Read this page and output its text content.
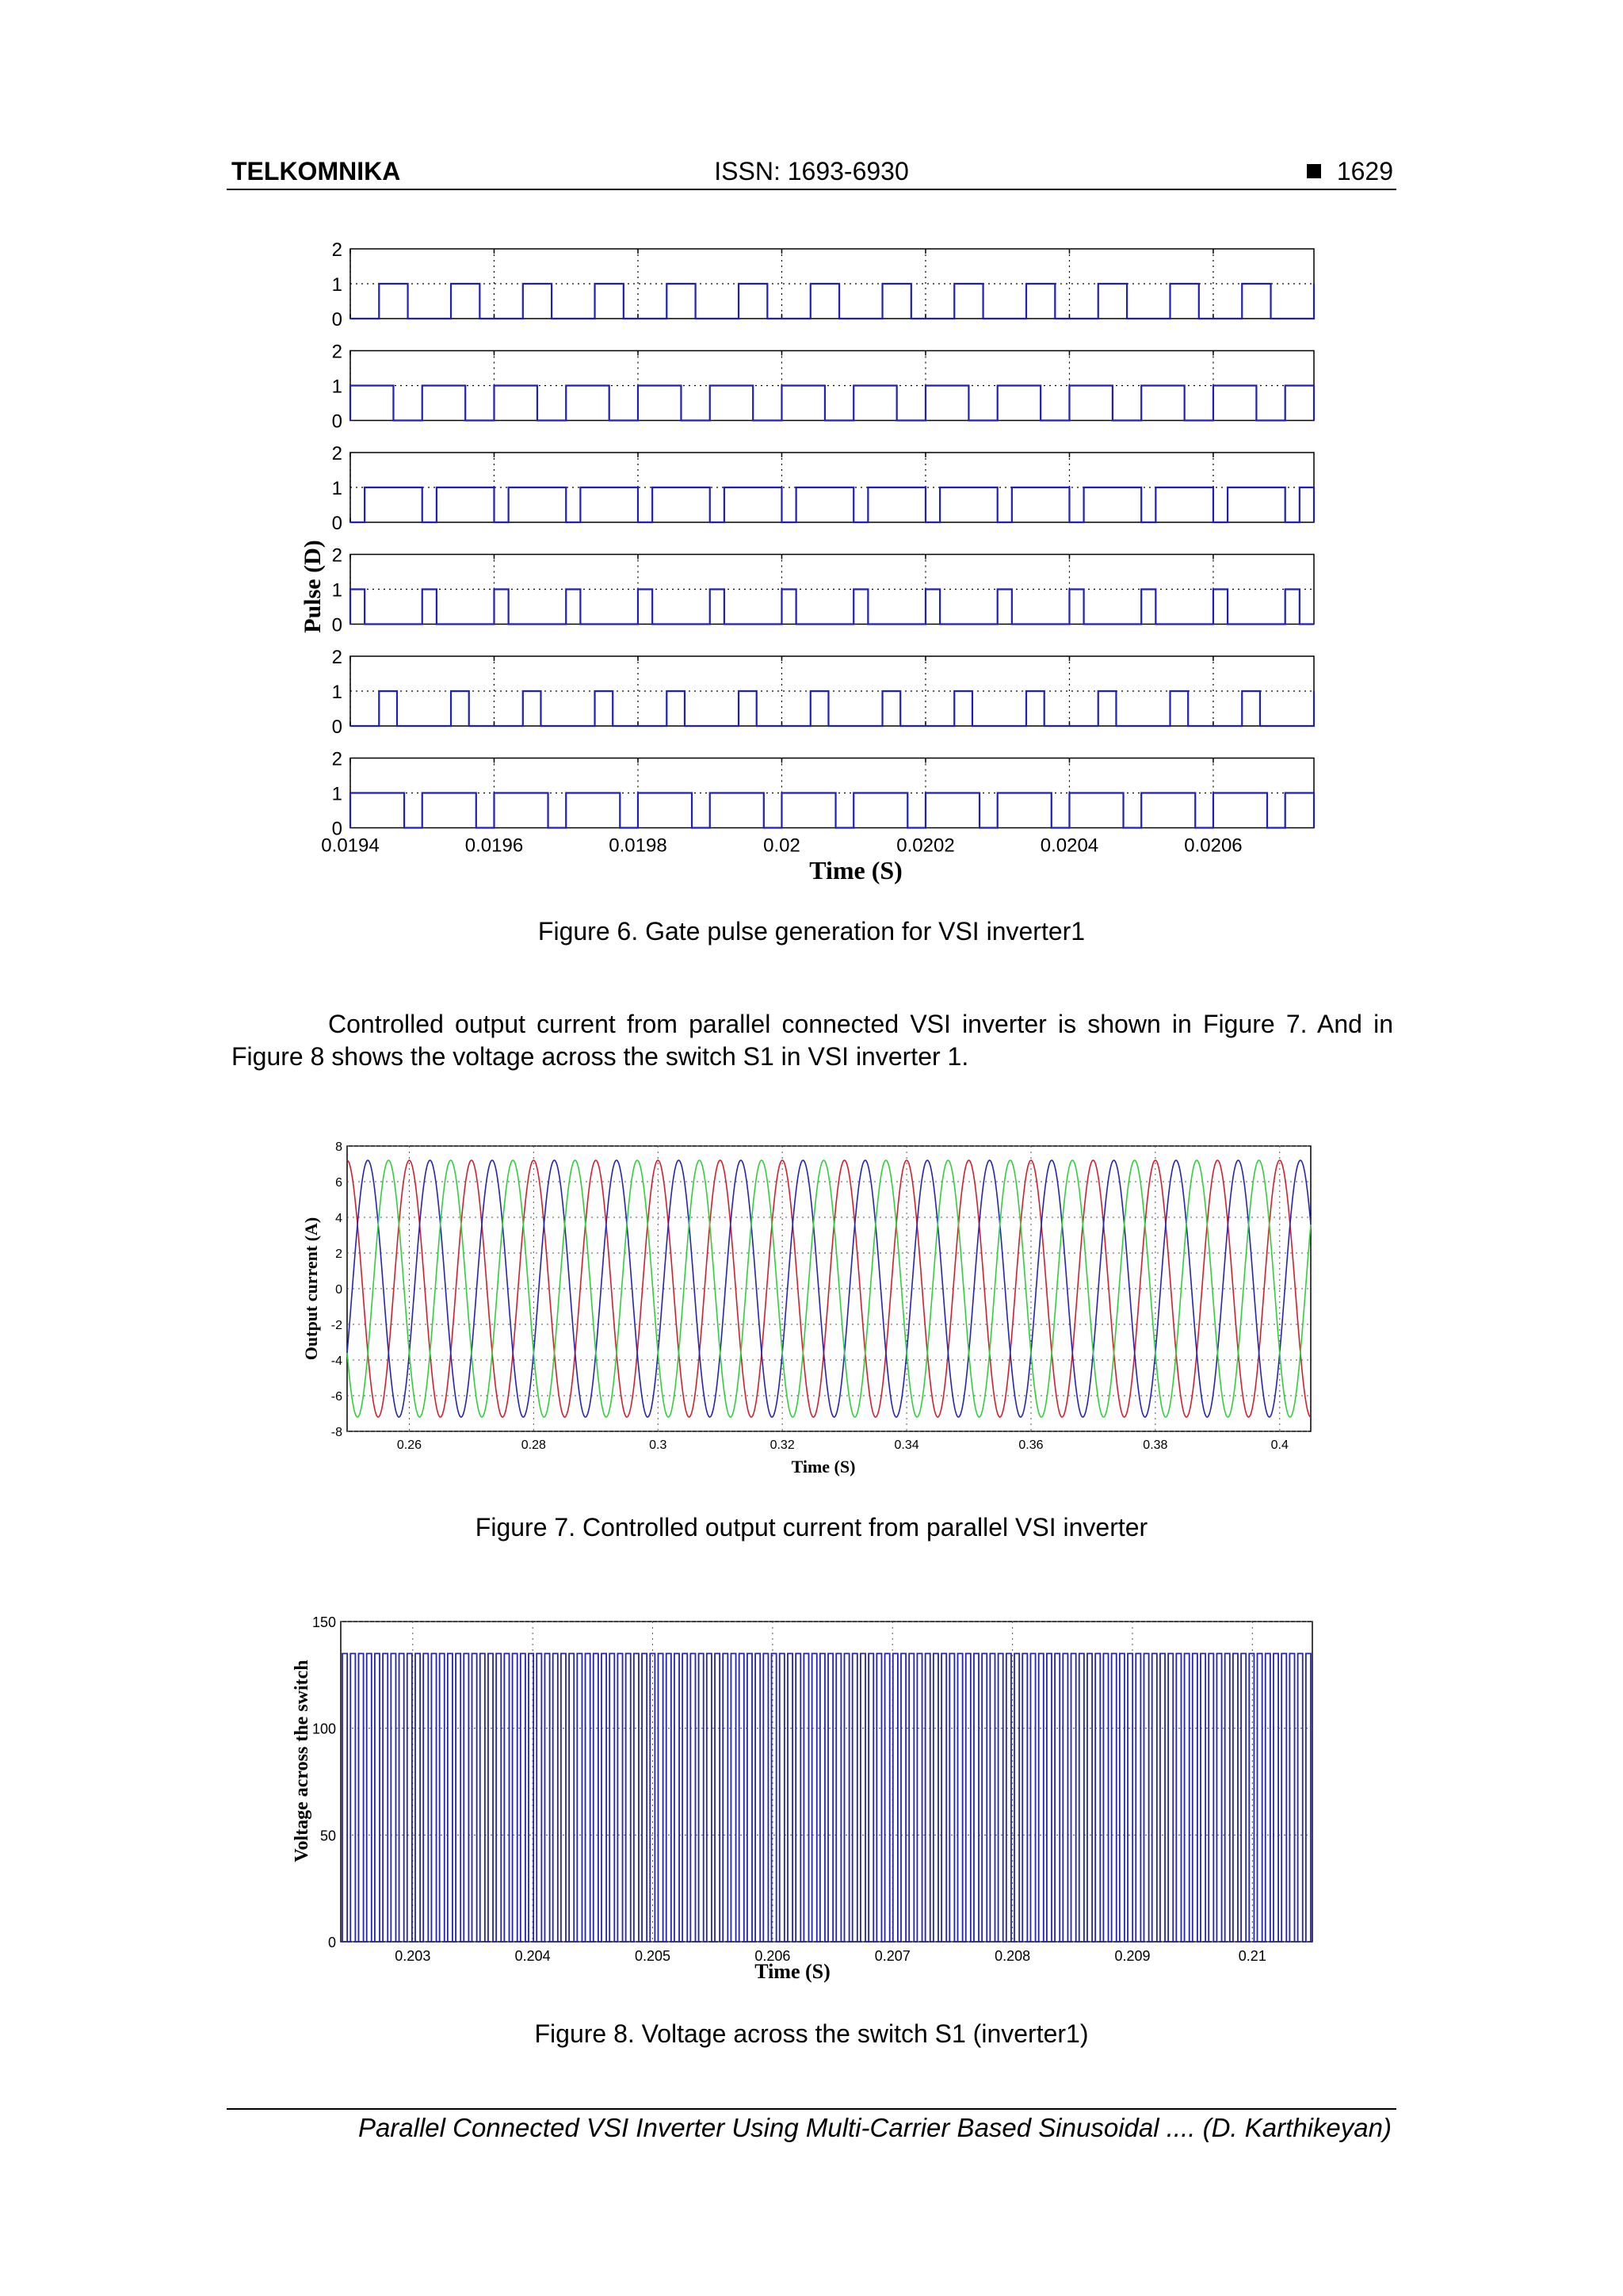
TELKOMNIKA	ISSN: 1693-6930	1629
0
1
2
0
1
2
0
1
2
0
1
2
0
1
2
0
1
2
0.0194	0.0196	0.0198	0.02	0.0202	0.0204	0.0206
Pulse (D)
Time (S)
Figure 6. Gate pulse generation for VSI inverter1

Controlled output current from parallel connected VSI inverter is shown in Figure 7. And in Figure 8 shows the voltage across the switch S1 in VSI inverter 1.

8
6
4
2
0
-2
-4
-6
-8
0.26	0.28	0.3	0.32	0.34	0.36	0.38	0.4
Output current (A)
Time (S)
Figure 7. Controlled output current from parallel VSI inverter
150
100
50
0
0.203	0.204	0.205	0.206	0.207	0.208	0.209	0.21
Voltage across the switch
Time (S)
Figure 8. Voltage across the switch S1 (inverter1)
Parallel Connected VSI Inverter Using Multi-Carrier Based Sinusoidal .... (D. Karthikeyan)
